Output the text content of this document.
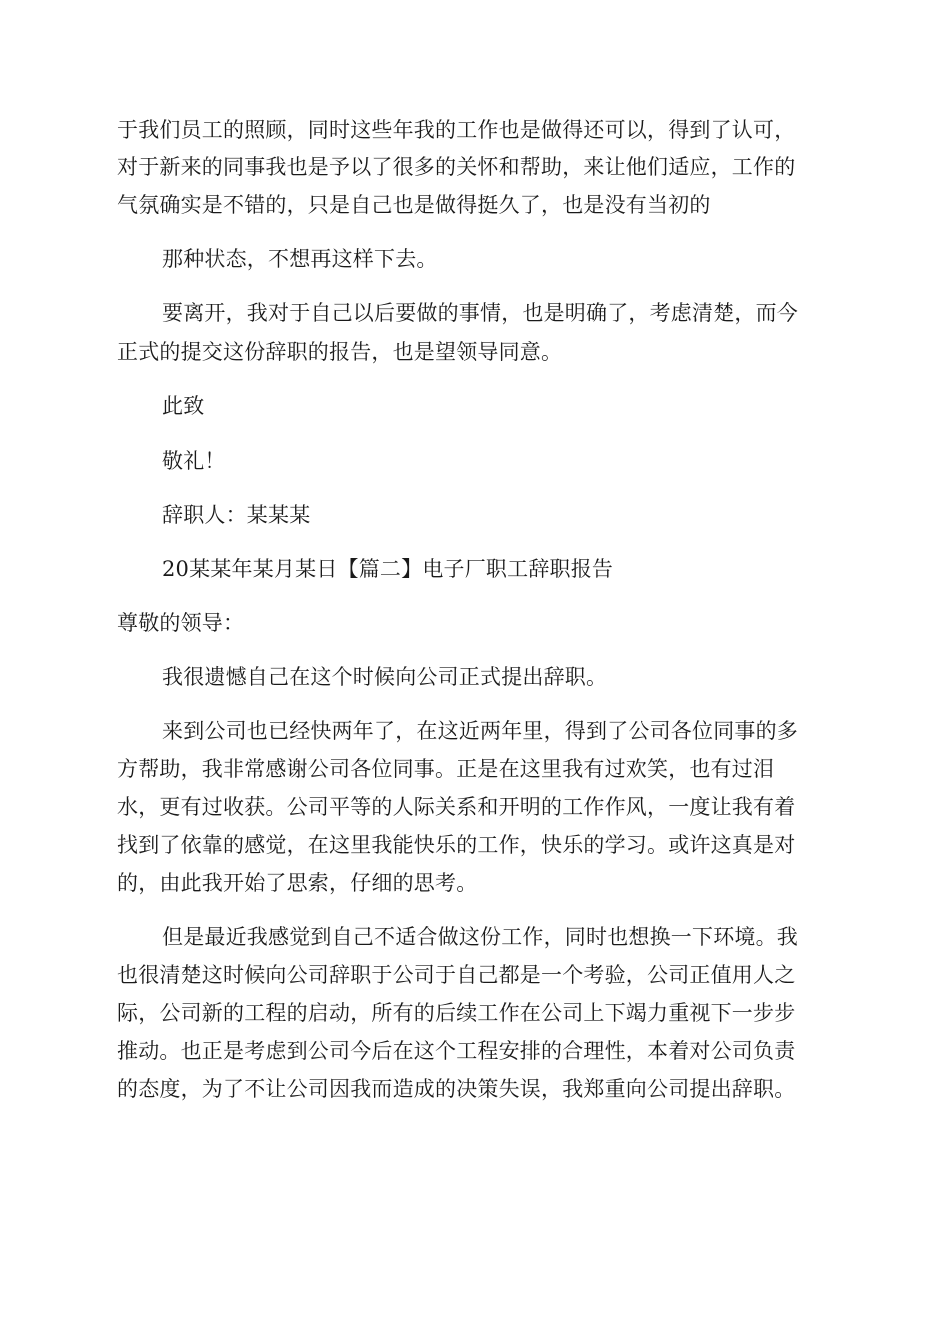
于我们员工的照顾，同时这些年我的工作也是做得还可以，得到了认可，

对于新来的同事我也是予以了很多的关怀和帮助，来让他们适应，工作的

气氛确实是不错的，只是自己也是做得挺久了，也是没有当初的

那种状态，不想再这样下去。

要离开，我对于自己以后要做的事情，也是明确了，考虑清楚，而今

正式的提交这份辞职的报告，也是望领导同意。

此致

敬礼！

辞职人：某某某

20某某年某月某日【篇二】电子厂职工辞职报告

尊敬的领导：

我很遗憾自己在这个时候向公司正式提出辞职。

来到公司也已经快两年了，在这近两年里，得到了公司各位同事的多

方帮助，我非常感谢公司各位同事。正是在这里我有过欢笑，也有过泪

水，更有过收获。公司平等的人际关系和开明的工作作风，一度让我有着

找到了依靠的感觉，在这里我能快乐的工作，快乐的学习。或许这真是对

的，由此我开始了思索，仔细的思考。

但是最近我感觉到自己不适合做这份工作，同时也想换一下环境。我

也很清楚这时候向公司辞职于公司于自己都是一个考验，公司正值用人之

际，公司新的工程的启动，所有的后续工作在公司上下竭力重视下一步步

推动。也正是考虑到公司今后在这个工程安排的合理性，本着对公司负责

的态度，为了不让公司因我而造成的决策失误，我郑重向公司提出辞职。
